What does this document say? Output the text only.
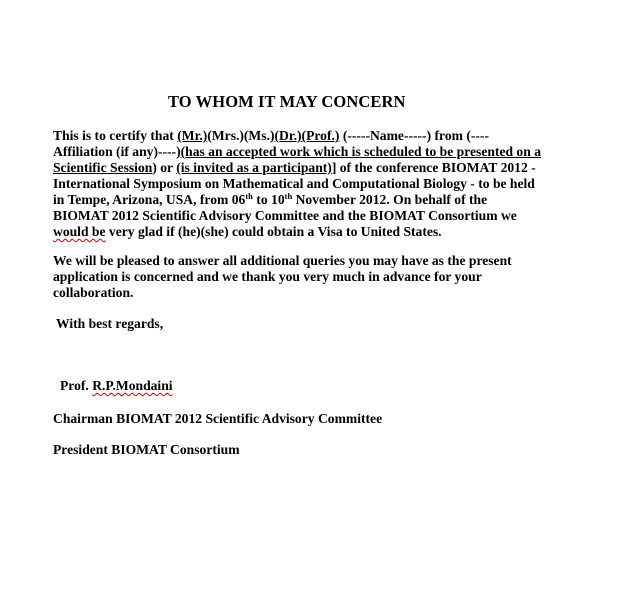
TO WHOM IT MAY CONCERN
This is to certify that (Mr.)(Mrs.)(Ms.)(Dr.)(Prof.) (-----Name-----) from (----
Affiliation (if any)----)(has an accepted work which is scheduled to be presented on a
Scientific Session) or (is invited as a participant)] of the conference BIOMAT 2012 -
International Symposium on Mathematical and Computational Biology - to be held
in Tempe, Arizona, USA, from 06th to 10th November 2012. On behalf of the
BIOMAT 2012 Scientific Advisory Committee and the BIOMAT Consortium we
would be very glad if (he)(she) could obtain a Visa to United States.
We will be pleased to answer all additional queries you may have as the present
application is concerned and we thank you very much in advance for your
collaboration.
With best regards,
Prof. R.P.Mondaini
Chairman BIOMAT 2012 Scientific Advisory Committee
President BIOMAT Consortium
